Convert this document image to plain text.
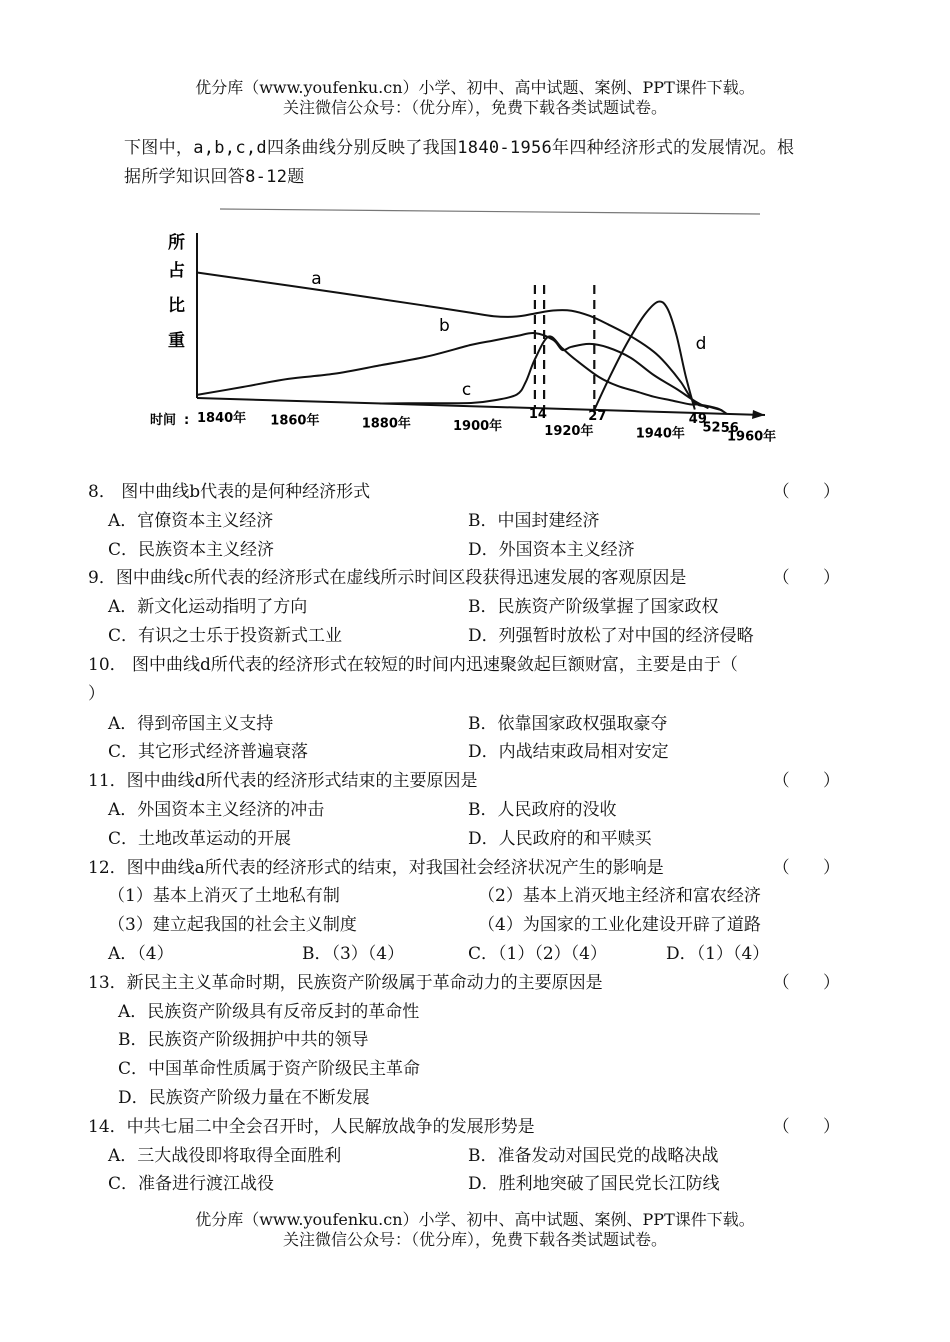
优分库（www.youfenku.cn）小学、初中、高中试题、案例、PPT课件下载。
关注微信公众号：（优分库），免费下载各类试题试卷。
下图中，a,b,c,d四条曲线分别反映了我国1840-1956年四种经济形式的发展情况。根
据所学知识回答8-12题
所
占
比
重
时间 :
a
b
c
d
1840年 1860年	1880年	1900年	1920年	1940年	1960年
14	27	49
52 56
8． 图中曲线b代表的是何种经济形式	（ ）
A．官僚资本主义经济	B．中国封建经济
C．民族资本主义经济	D．外国资本主义经济
9．图中曲线c所代表的经济形式在虚线所示时间区段获得迅速发展的客观原因是	（ ）
A．新文化运动指明了方向	B．民族资产阶级掌握了国家政权
C．有识之士乐于投资新式工业	D．列强暂时放松了对中国的经济侵略
10． 图中曲线d所代表的经济形式在较短的时间内迅速聚敛起巨额财富，主要是由于（
）
A．得到帝国主义支持	B．依靠国家政权强取豪夺
C．其它形式经济普遍衰落	D．内战结束政局相对安定
11．图中曲线d所代表的经济形式结束的主要原因是	（ ）
A．外国资本主义经济的冲击	B．人民政府的没收
C．土地改革运动的开展	D．人民政府的和平赎买
12．图中曲线a所代表的经济形式的结束，对我国社会经济状况产生的影响是	（ ）
（1）基本上消灭了土地私有制	（2）基本上消灭地主经济和富农经济
（3）建立起我国的社会主义制度	（4）为国家的工业化建设开辟了道路
A．（4）	B．（3）（4）	C．（1）（2）（4）	D．（1）（4）
13．新民主主义革命时期，民族资产阶级属于革命动力的主要原因是	（ ）
A．民族资产阶级具有反帝反封的革命性
B．民族资产阶级拥护中共的领导
C．中国革命性质属于资产阶级民主革命
D．民族资产阶级力量在不断发展
14．中共七届二中全会召开时，人民解放战争的发展形势是	（ ）
A．三大战役即将取得全面胜利	B．准备发动对国民党的战略决战
C．准备进行渡江战役	D．胜利地突破了国民党长江防线
优分库（www.youfenku.cn）小学、初中、高中试题、案例、PPT课件下载。
关注微信公众号：（优分库），免费下载各类试题试卷。
